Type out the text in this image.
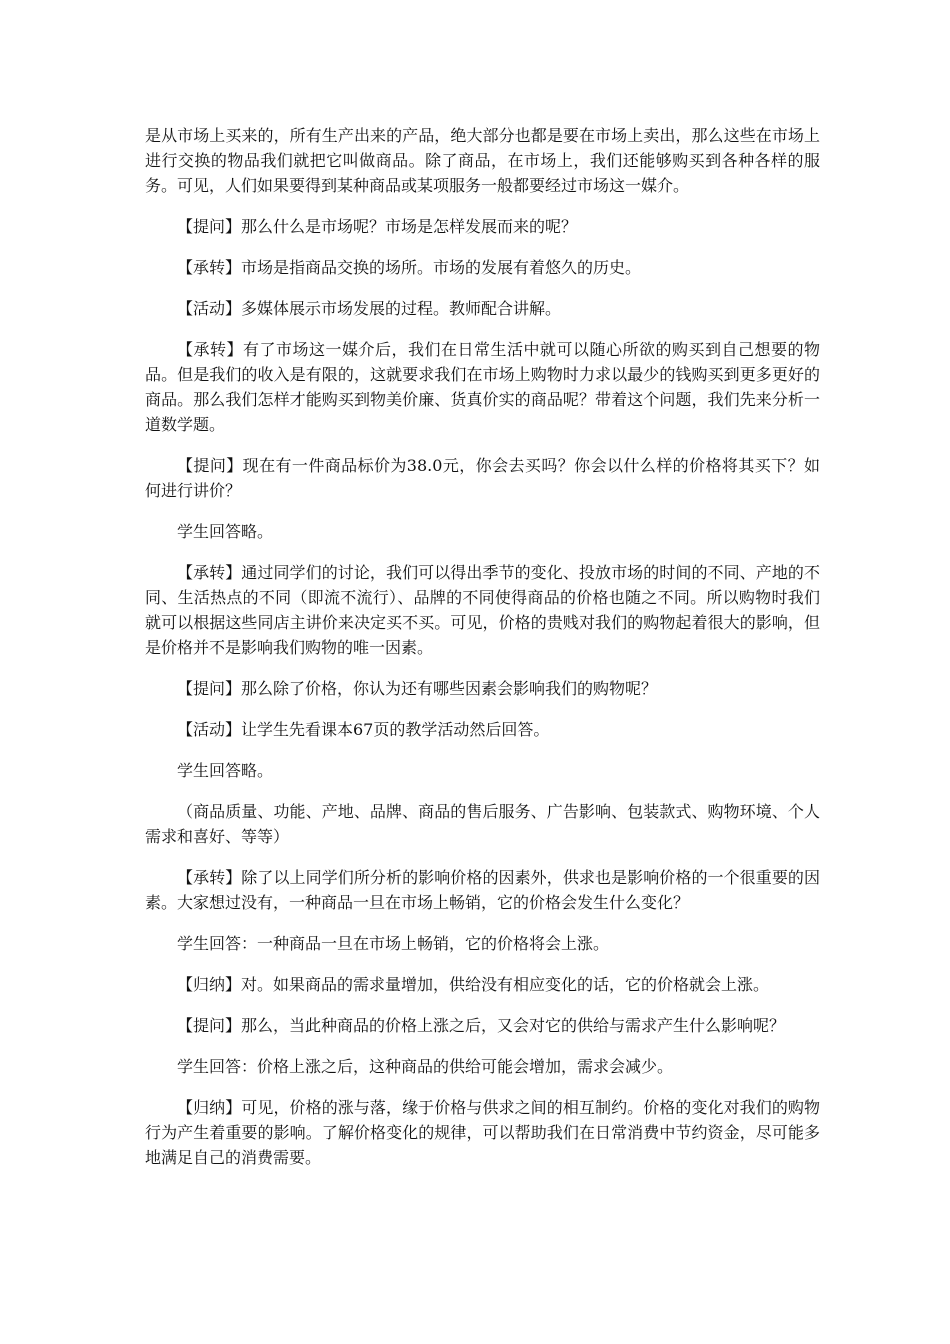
是从市场上买来的，所有生产出来的产品，绝大部分也都是要在市场上卖出，那么这些在市场上进行交换的物品我们就把它叫做商品。除了商品，在市场上，我们还能够购买到各种各样的服务。可见，人们如果要得到某种商品或某项服务一般都要经过市场这一媒介。

【提问】那么什么是市场呢？市场是怎样发展而来的呢？

【承转】市场是指商品交换的场所。市场的发展有着悠久的历史。

【活动】多媒体展示市场发展的过程。教师配合讲解。

【承转】有了市场这一媒介后，我们在日常生活中就可以随心所欲的购买到自己想要的物品。但是我们的收入是有限的，这就要求我们在市场上购物时力求以最少的钱购买到更多更好的商品。那么我们怎样才能购买到物美价廉、货真价实的商品呢？带着这个问题，我们先来分析一道数学题。

【提问】现在有一件商品标价为38.0元，你会去买吗？你会以什么样的价格将其买下？如何进行讲价？

学生回答略。

【承转】通过同学们的讨论，我们可以得出季节的变化、投放市场的时间的不同、产地的不同、生活热点的不同（即流不流行）、品牌的不同使得商品的价格也随之不同。所以购物时我们就可以根据这些同店主讲价来决定买不买。可见，价格的贵贱对我们的购物起着很大的影响，但是价格并不是影响我们购物的唯一因素。

【提问】那么除了价格，你认为还有哪些因素会影响我们的购物呢？

【活动】让学生先看课本67页的教学活动然后回答。

学生回答略。

（商品质量、功能、产地、品牌、商品的售后服务、广告影响、包装款式、购物环境、个人需求和喜好、等等）

【承转】除了以上同学们所分析的影响价格的因素外，供求也是影响价格的一个很重要的因素。大家想过没有，一种商品一旦在市场上畅销，它的价格会发生什么变化？

学生回答：一种商品一旦在市场上畅销，它的价格将会上涨。

【归纳】对。如果商品的需求量增加，供给没有相应变化的话，它的价格就会上涨。

【提问】那么，当此种商品的价格上涨之后，又会对它的供给与需求产生什么影响呢？

学生回答：价格上涨之后，这种商品的供给可能会增加，需求会减少。

【归纳】可见，价格的涨与落，缘于价格与供求之间的相互制约。价格的变化对我们的购物行为产生着重要的影响。了解价格变化的规律，可以帮助我们在日常消费中节约资金，尽可能多地满足自己的消费需要。
